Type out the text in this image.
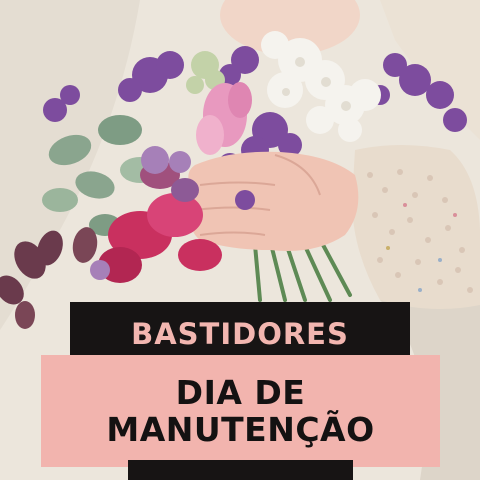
BASTIDORES
DIA DE
MANUTENÇÃO
